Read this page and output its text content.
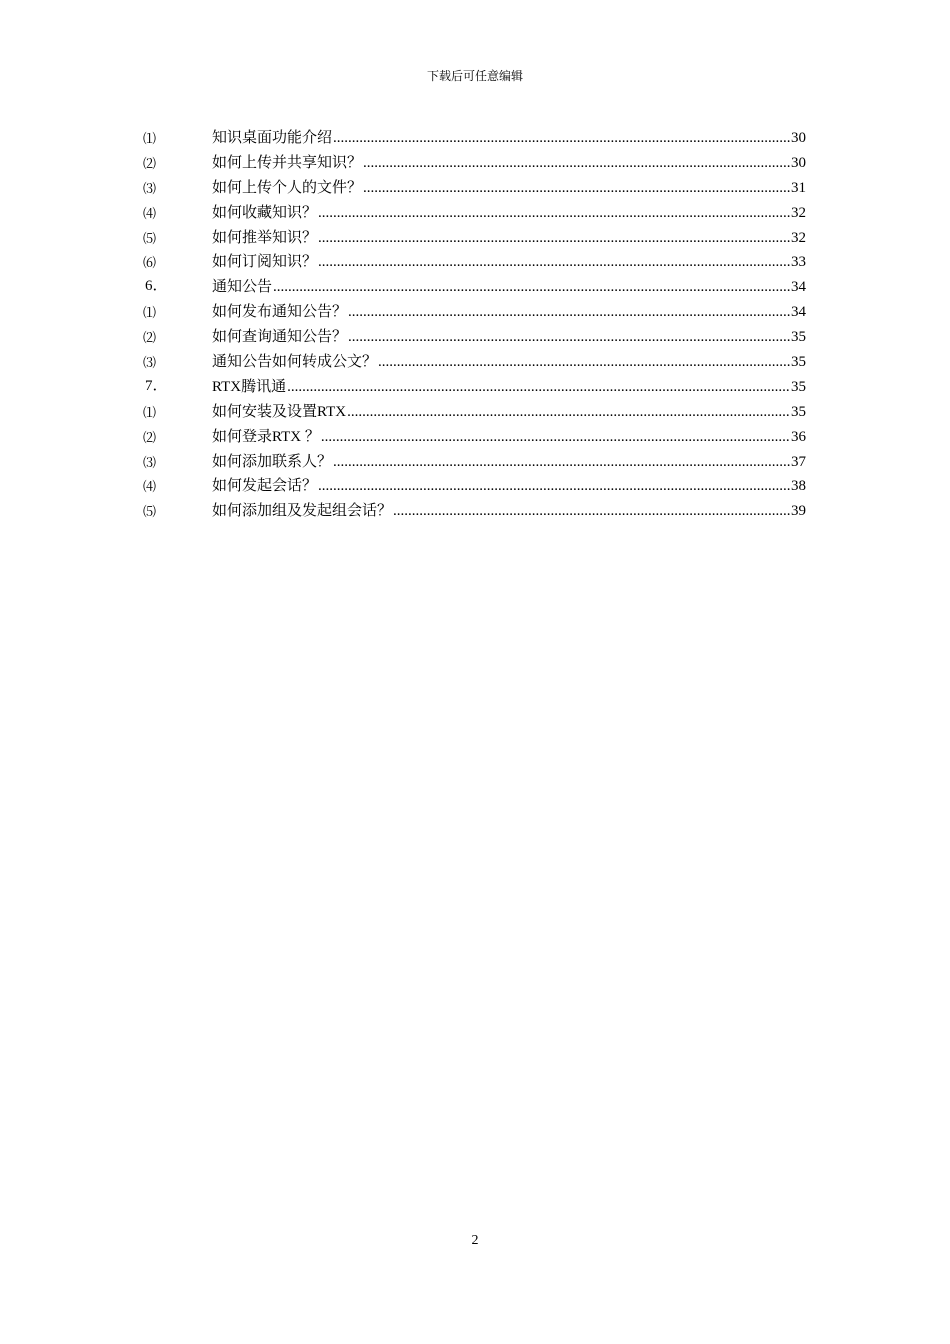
下载后可任意编辑
⑴	知识桌面功能介绍 .....	30
⑵	如何上传并共享知识？ .....	30
⑶	如何上传个人的文件？ .....	31
⑷	如何收藏知识？ .....	32
⑸	如何推举知识？ .....	32
⑹	如何订阅知识？ .....	33
6．	通知公告 .....	34
⑴	如何发布通知公告？ .....	34
⑵	如何查询通知公告？ .....	35
⑶	通知公告如何转成公文？ .....	35
7．	RTX腾讯通 .....	35
⑴	如何安装及设置RTX .....	35
⑵	如何登录RTX ？ .....	36
⑶	如何添加联系人？ .....	37
⑷	如何发起会话？ .....	38
⑸	如何添加组及发起组会话？ .....	39
2
